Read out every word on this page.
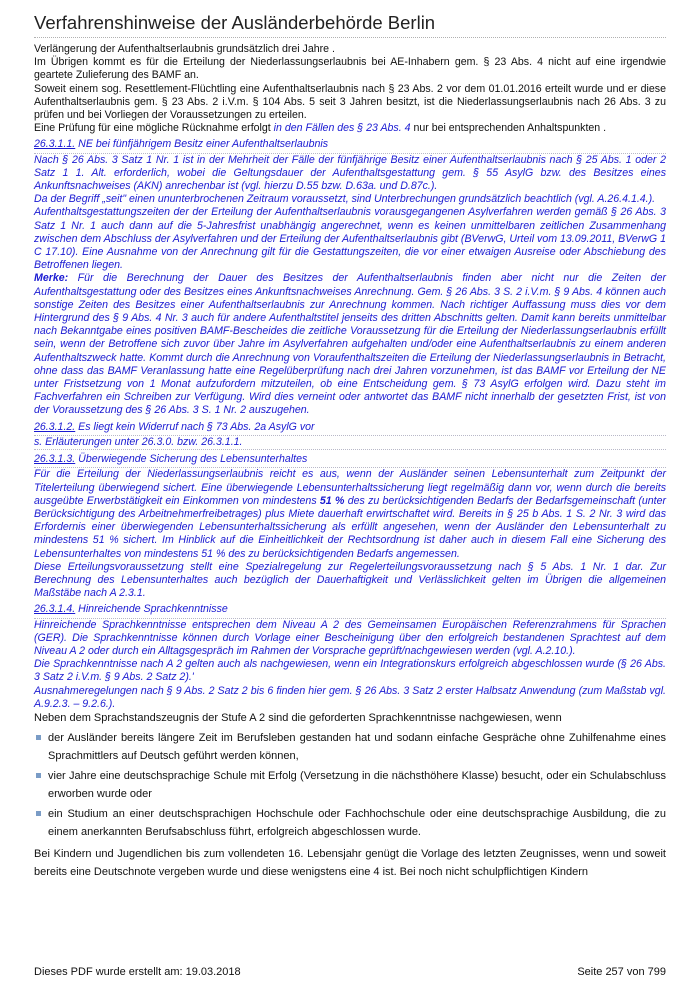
Verfahrenshinweise der Ausländerbehörde Berlin

Verlängerung der Aufenthaltserlaubnis grundsätzlich drei Jahre .

Im Übrigen kommt es für die Erteilung der Niederlassungserlaubnis bei AE-Inhabern gem. § 23 Abs. 4 nicht auf eine irgendwie geartete Zulieferung des BAMF an.

Soweit einem sog. Resettlement-Flüchtling eine Aufenthaltserlaubnis nach § 23 Abs. 2 vor dem 01.01.2016 erteilt wurde und er diese Aufenthaltserlaubnis gem. § 23 Abs. 2 i.V.m. § 104 Abs. 5 seit 3 Jahren besitzt, ist die Niederlassungserlaubnis nach 26 Abs. 3 zu prüfen und bei Vorliegen der Voraussetzungen zu erteilen.

Eine Prüfung für eine mögliche Rücknahme erfolgt in den Fällen des § 23 Abs. 4 nur bei entsprechenden Anhaltspunkten .

26.3.1.1. NE bei fünfjährigem Besitz einer Aufenthaltserlaubnis

Nach § 26 Abs. 3 Satz 1 Nr. 1 ist in der Mehrheit der Fälle der fünfjährige Besitz einer Aufenthaltserlaubnis nach § 25 Abs. 1 oder 2 Satz 1 1. Alt. erforderlich, wobei die Geltungsdauer der Aufenthaltsgestattung gem. § 55 AsylG bzw. des Besitzes eines Ankunftsnachweises (AKN) anrechenbar ist (vgl. hierzu D.55 bzw. D.63a. und D.87c.).

Da der Begriff „seit" einen ununterbrochenen Zeitraum voraussetzt, sind Unterbrechungen grundsätzlich beachtlich (vgl. A.26.4.1.4.).

Aufenthaltsgestattungszeiten der der Erteilung der Aufenthaltserlaubnis vorausgegangenen Asylverfahren werden gemäß § 26 Abs. 3 Satz 1 Nr. 1 auch dann auf die 5-Jahresfrist unabhängig angerechnet, wenn es keinen unmittelbaren zeitlichen Zusammenhang zwischen dem Abschluss der Asylverfahren und der Erteilung der Aufenthaltserlaubnis gibt (BVerwG, Urteil vom 13.09.2011, BVerwG 1 C 17.10). Eine Ausnahme von der Anrechnung gilt für die Gestattungszeiten, die vor einer etwaigen Ausreise oder Abschiebung des Betroffenen liegen.

Merke: Für die Berechnung der Dauer des Besitzes der Aufenthaltserlaubnis finden aber nicht nur die Zeiten der Aufenthaltsgestattung oder des Besitzes eines Ankunftsnachweises Anrechnung. Gem. § 26 Abs. 3 S. 2 i.V.m. § 9 Abs. 4 können auch sonstige Zeiten des Besitzes einer Aufenthaltserlaubnis zur Anrechnung kommen. Nach richtiger Auffassung muss dies vor dem Hintergrund des § 9 Abs. 4 Nr. 3 auch für andere Aufenthaltstitel jenseits des dritten Abschnitts gelten. Damit kann bereits unmittelbar nach Bekanntgabe eines positiven BAMF-Bescheides die zeitliche Voraussetzung für die Erteilung der Niederlassungserlaubnis erfüllt sein, wenn der Betroffene sich zuvor über Jahre im Asylverfahren aufgehalten und/oder eine Aufenthaltserlaubnis zu einem anderen Aufenthaltszweck hatte. Kommt durch die Anrechnung von Voraufenthaltszeiten die Erteilung der Niederlassungserlaubnis in Betracht, ohne dass das BAMF Veranlassung hatte eine Regelüberprüfung nach drei Jahren vorzunehmen, ist das BAMF vor Erteilung der NE unter Fristsetzung von 1 Monat aufzufordern mitzuteilen, ob eine Entscheidung gem. § 73 AsylG erfolgen wird. Dazu steht im Fachverfahren ein Schreiben zur Verfügung. Wird dies verneint oder antwortet das BAMF nicht innerhalb der gesetzten Frist, ist von der Voraussetzung des § 26 Abs. 3 S. 1 Nr. 2 auszugehen.

26.3.1.2. Es liegt kein Widerruf nach § 73 Abs. 2a AsylG vor

s. Erläuterungen unter 26.3.0. bzw. 26.3.1.1.

26.3.1.3. Überwiegende Sicherung des Lebensunterhaltes

Für die Erteilung der Niederlassungserlaubnis reicht es aus, wenn der Ausländer seinen Lebensunterhalt zum Zeitpunkt der Titelerteilung überwiegend sichert. Eine überwiegende Lebensunterhaltssicherung liegt regelmäßig dann vor, wenn durch die bereits ausgeübte Erwerbstätigkeit ein Einkommen von mindestens 51 % des zu berücksichtigenden Bedarfs der Bedarfsgemeinschaft (unter Berücksichtigung des Arbeitnehmerfreibetrages) plus Miete dauerhaft erwirtschaftet wird. Bereits in § 25 b Abs. 1 S. 2 Nr. 3 wird das Erfordernis einer überwiegenden Lebensunterhaltssicherung als erfüllt angesehen, wenn der Ausländer den Lebensunterhalt zu mindestens 51 % sichert. Im Hinblick auf die Einheitlichkeit der Rechtsordnung ist daher auch in diesem Fall eine Sicherung des Lebensunterhaltes von mindestens 51 % des zu berücksichtigenden Bedarfs angemessen.

Diese Erteilungsvoraussetzung stellt eine Spezialregelung zur Regelerteilungsvoraussetzung nach § 5 Abs. 1 Nr. 1 dar. Zur Berechnung des Lebensunterhaltes auch bezüglich der Dauerhaftigkeit und Verlässlichkeit gelten im Übrigen die allgemeinen Maßstäbe nach A 2.3.1.

26.3.1.4. Hinreichende Sprachkenntnisse

Hinreichende Sprachkenntnisse entsprechen dem Niveau A 2 des Gemeinsamen Europäischen Referenzrahmens für Sprachen (GER). Die Sprachkenntnisse können durch Vorlage einer Bescheinigung über den erfolgreich bestandenen Sprachtest auf dem Niveau A 2 oder durch ein Alltagsgespräch im Rahmen der Vorsprache geprüft/nachgewiesen werden (vgl. A.2.10.).

Die Sprachkenntnisse nach A 2 gelten auch als nachgewiesen, wenn ein Integrationskurs erfolgreich abgeschlossen wurde (§ 26 Abs. 3 Satz 2 i.V.m. § 9 Abs. 2 Satz 2).'

Ausnahmeregelungen nach § 9 Abs. 2 Satz 2 bis 6 finden hier gem. § 26 Abs. 3 Satz 2 erster Halbsatz Anwendung (zum Maßstab vgl. A.9.2.3. – 9.2.6.).

Neben dem Sprachstandszeugnis der Stufe A 2 sind die geforderten Sprachkenntnisse nachgewiesen, wenn

der Ausländer bereits längere Zeit im Berufsleben gestanden hat und sodann einfache Gespräche ohne Zuhilfenahme eines Sprachmittlers auf Deutsch geführt werden können,
vier Jahre eine deutschsprachige Schule mit Erfolg (Versetzung in die nächsthöhere Klasse) besucht, oder ein Schulabschluss erworben wurde oder
ein Studium an einer deutschsprachigen Hochschule oder Fachhochschule oder eine deutschsprachige Ausbildung, die zu einem anerkannten Berufsabschluss führt, erfolgreich abgeschlossen wurde.

Bei Kindern und Jugendlichen bis zum vollendeten 16. Lebensjahr genügt die Vorlage des letzten Zeugnisses, wenn und soweit bereits eine Deutschnote vergeben wurde und diese wenigstens eine 4 ist. Bei noch nicht schulpflichtigen Kindern

Dieses PDF wurde erstellt am: 19.03.2018	Seite 257 von 799
